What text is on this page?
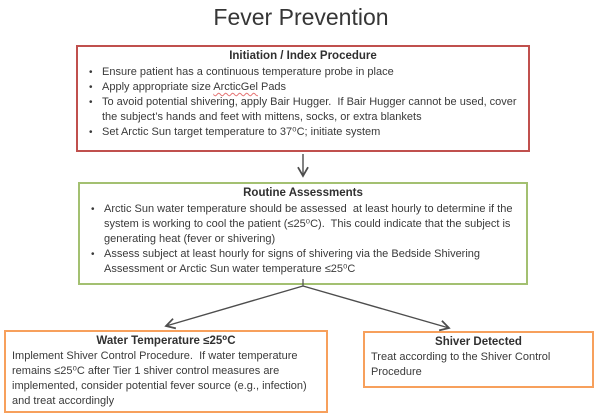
Fever Prevention
Initiation / Index Procedure
• Ensure patient has a continuous temperature probe in place
• Apply appropriate size ArcticGel Pads
• To avoid potential shivering, apply Bair Hugger.  If Bair Hugger cannot be used, cover the subject’s hands and feet with mittens, socks, or extra blankets
• Set Arctic Sun target temperature to 37⁰C; initiate system
Routine Assessments
• Arctic Sun water temperature should be assessed  at least hourly to determine if the system is working to cool the patient (≤25⁰C).  This could indicate that the subject is generating heat (fever or shivering)
• Assess subject at least hourly for signs of shivering via the Bedside Shivering Assessment or Arctic Sun water temperature ≤25⁰C
Water Temperature ≤25⁰C
Implement Shiver Control Procedure.  If water temperature remains ≤25⁰C after Tier 1 shiver control measures are implemented, consider potential fever source (e.g., infection) and treat accordingly
Shiver Detected
Treat according to the Shiver Control Procedure
